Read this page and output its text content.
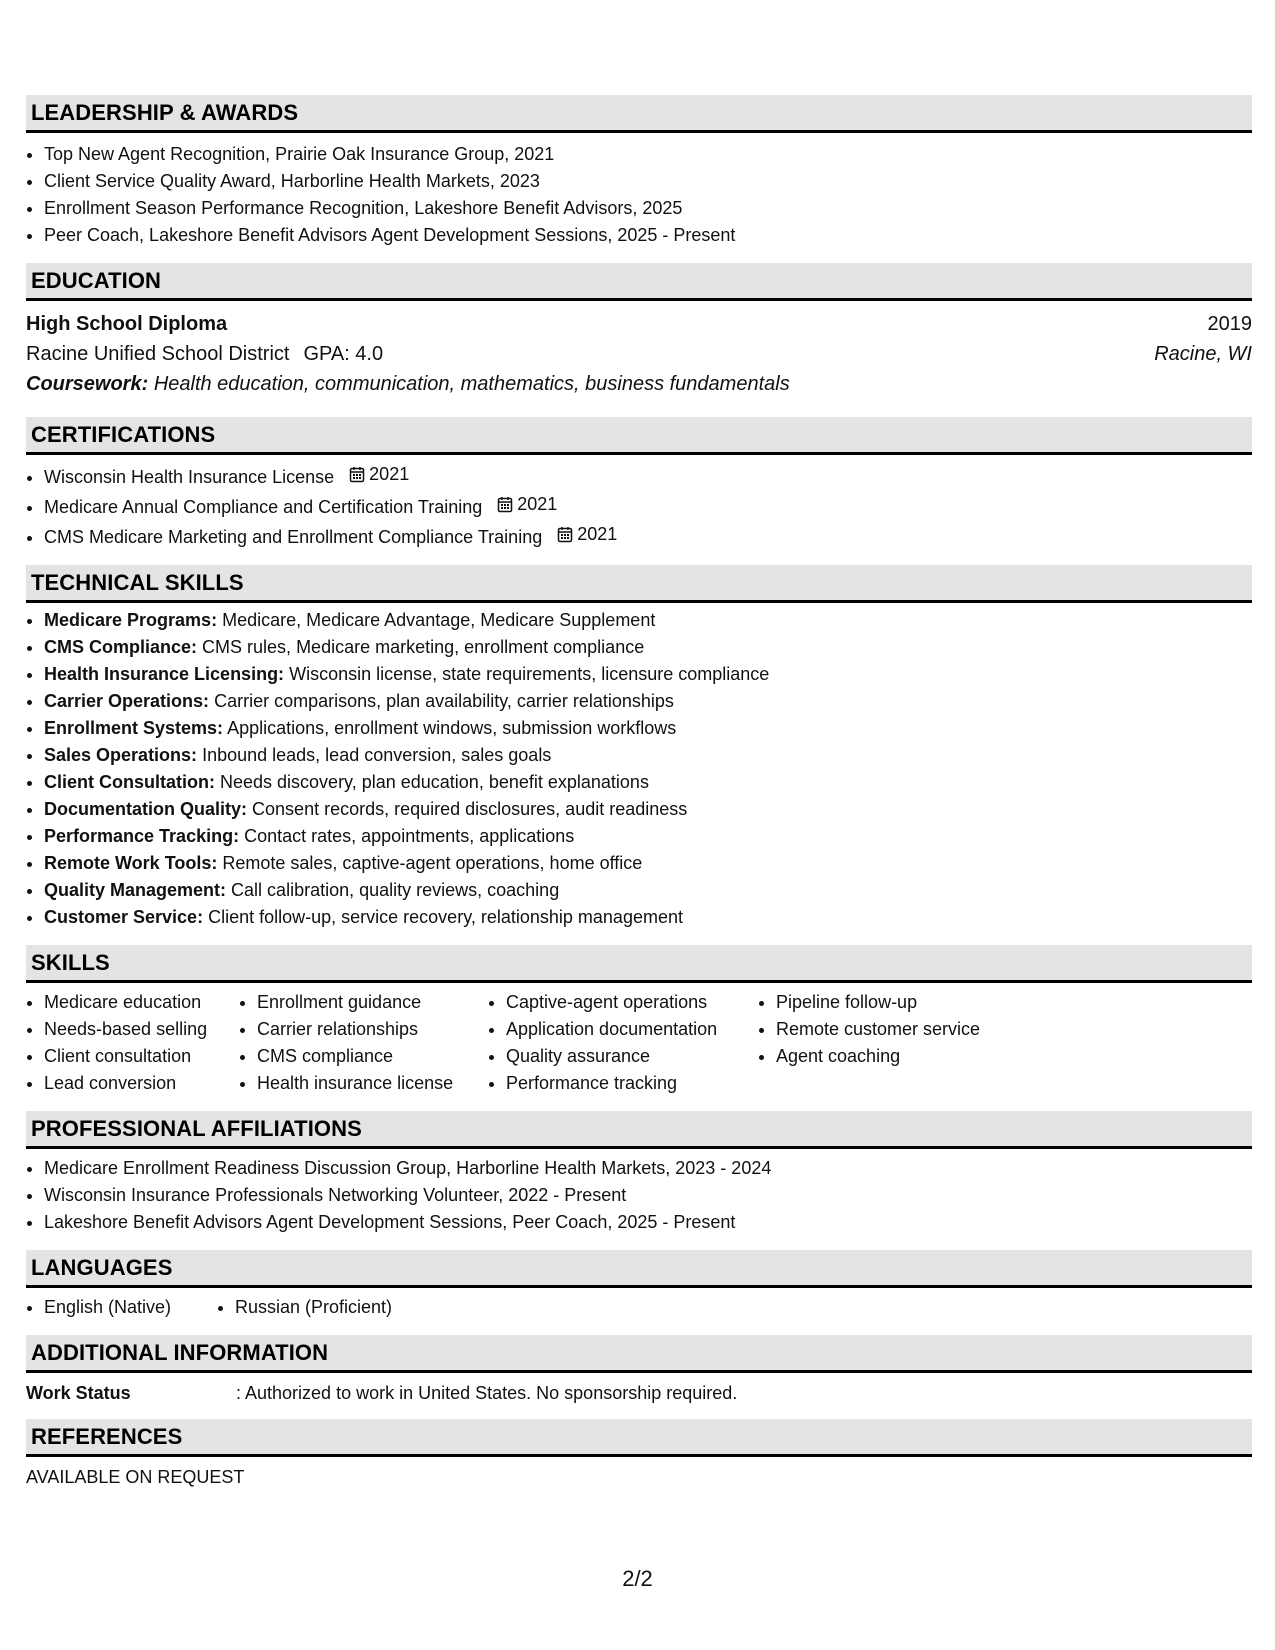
LEADERSHIP & AWARDS
• Top New Agent Recognition, Prairie Oak Insurance Group, 2021
• Client Service Quality Award, Harborline Health Markets, 2023
• Enrollment Season Performance Recognition, Lakeshore Benefit Advisors, 2025
• Peer Coach, Lakeshore Benefit Advisors Agent Development Sessions, 2025 - Present
EDUCATION
High School Diploma	2019
Racine Unified School District GPA: 4.0	Racine, WI
Coursework: Health education, communication, mathematics, business fundamentals
CERTIFICATIONS
• Wisconsin Health Insurance License 2021
• Medicare Annual Compliance and Certification Training 2021
• CMS Medicare Marketing and Enrollment Compliance Training 2021
TECHNICAL SKILLS
• Medicare Programs: Medicare, Medicare Advantage, Medicare Supplement
• CMS Compliance: CMS rules, Medicare marketing, enrollment compliance
• Health Insurance Licensing: Wisconsin license, state requirements, licensure compliance
• Carrier Operations: Carrier comparisons, plan availability, carrier relationships
• Enrollment Systems: Applications, enrollment windows, submission workflows
• Sales Operations: Inbound leads, lead conversion, sales goals
• Client Consultation: Needs discovery, plan education, benefit explanations
• Documentation Quality: Consent records, required disclosures, audit readiness
• Performance Tracking: Contact rates, appointments, applications
• Remote Work Tools: Remote sales, captive-agent operations, home office
• Quality Management: Call calibration, quality reviews, coaching
• Customer Service: Client follow-up, service recovery, relationship management
SKILLS
• Medicare education
• Needs-based selling
• Client consultation
• Lead conversion
• Enrollment guidance
• Carrier relationships
• CMS compliance
• Health insurance license
• Captive-agent operations
• Application documentation
• Quality assurance
• Performance tracking
• Pipeline follow-up
• Remote customer service
• Agent coaching
PROFESSIONAL AFFILIATIONS
• Medicare Enrollment Readiness Discussion Group, Harborline Health Markets, 2023 - 2024
• Wisconsin Insurance Professionals Networking Volunteer, 2022 - Present
• Lakeshore Benefit Advisors Agent Development Sessions, Peer Coach, 2025 - Present
LANGUAGES
• English (Native)
•	Russian (Proficient)
ADDITIONAL INFORMATION
Work Status	: Authorized to work in United States. No sponsorship required.
REFERENCES
AVAILABLE ON REQUEST
2/2
